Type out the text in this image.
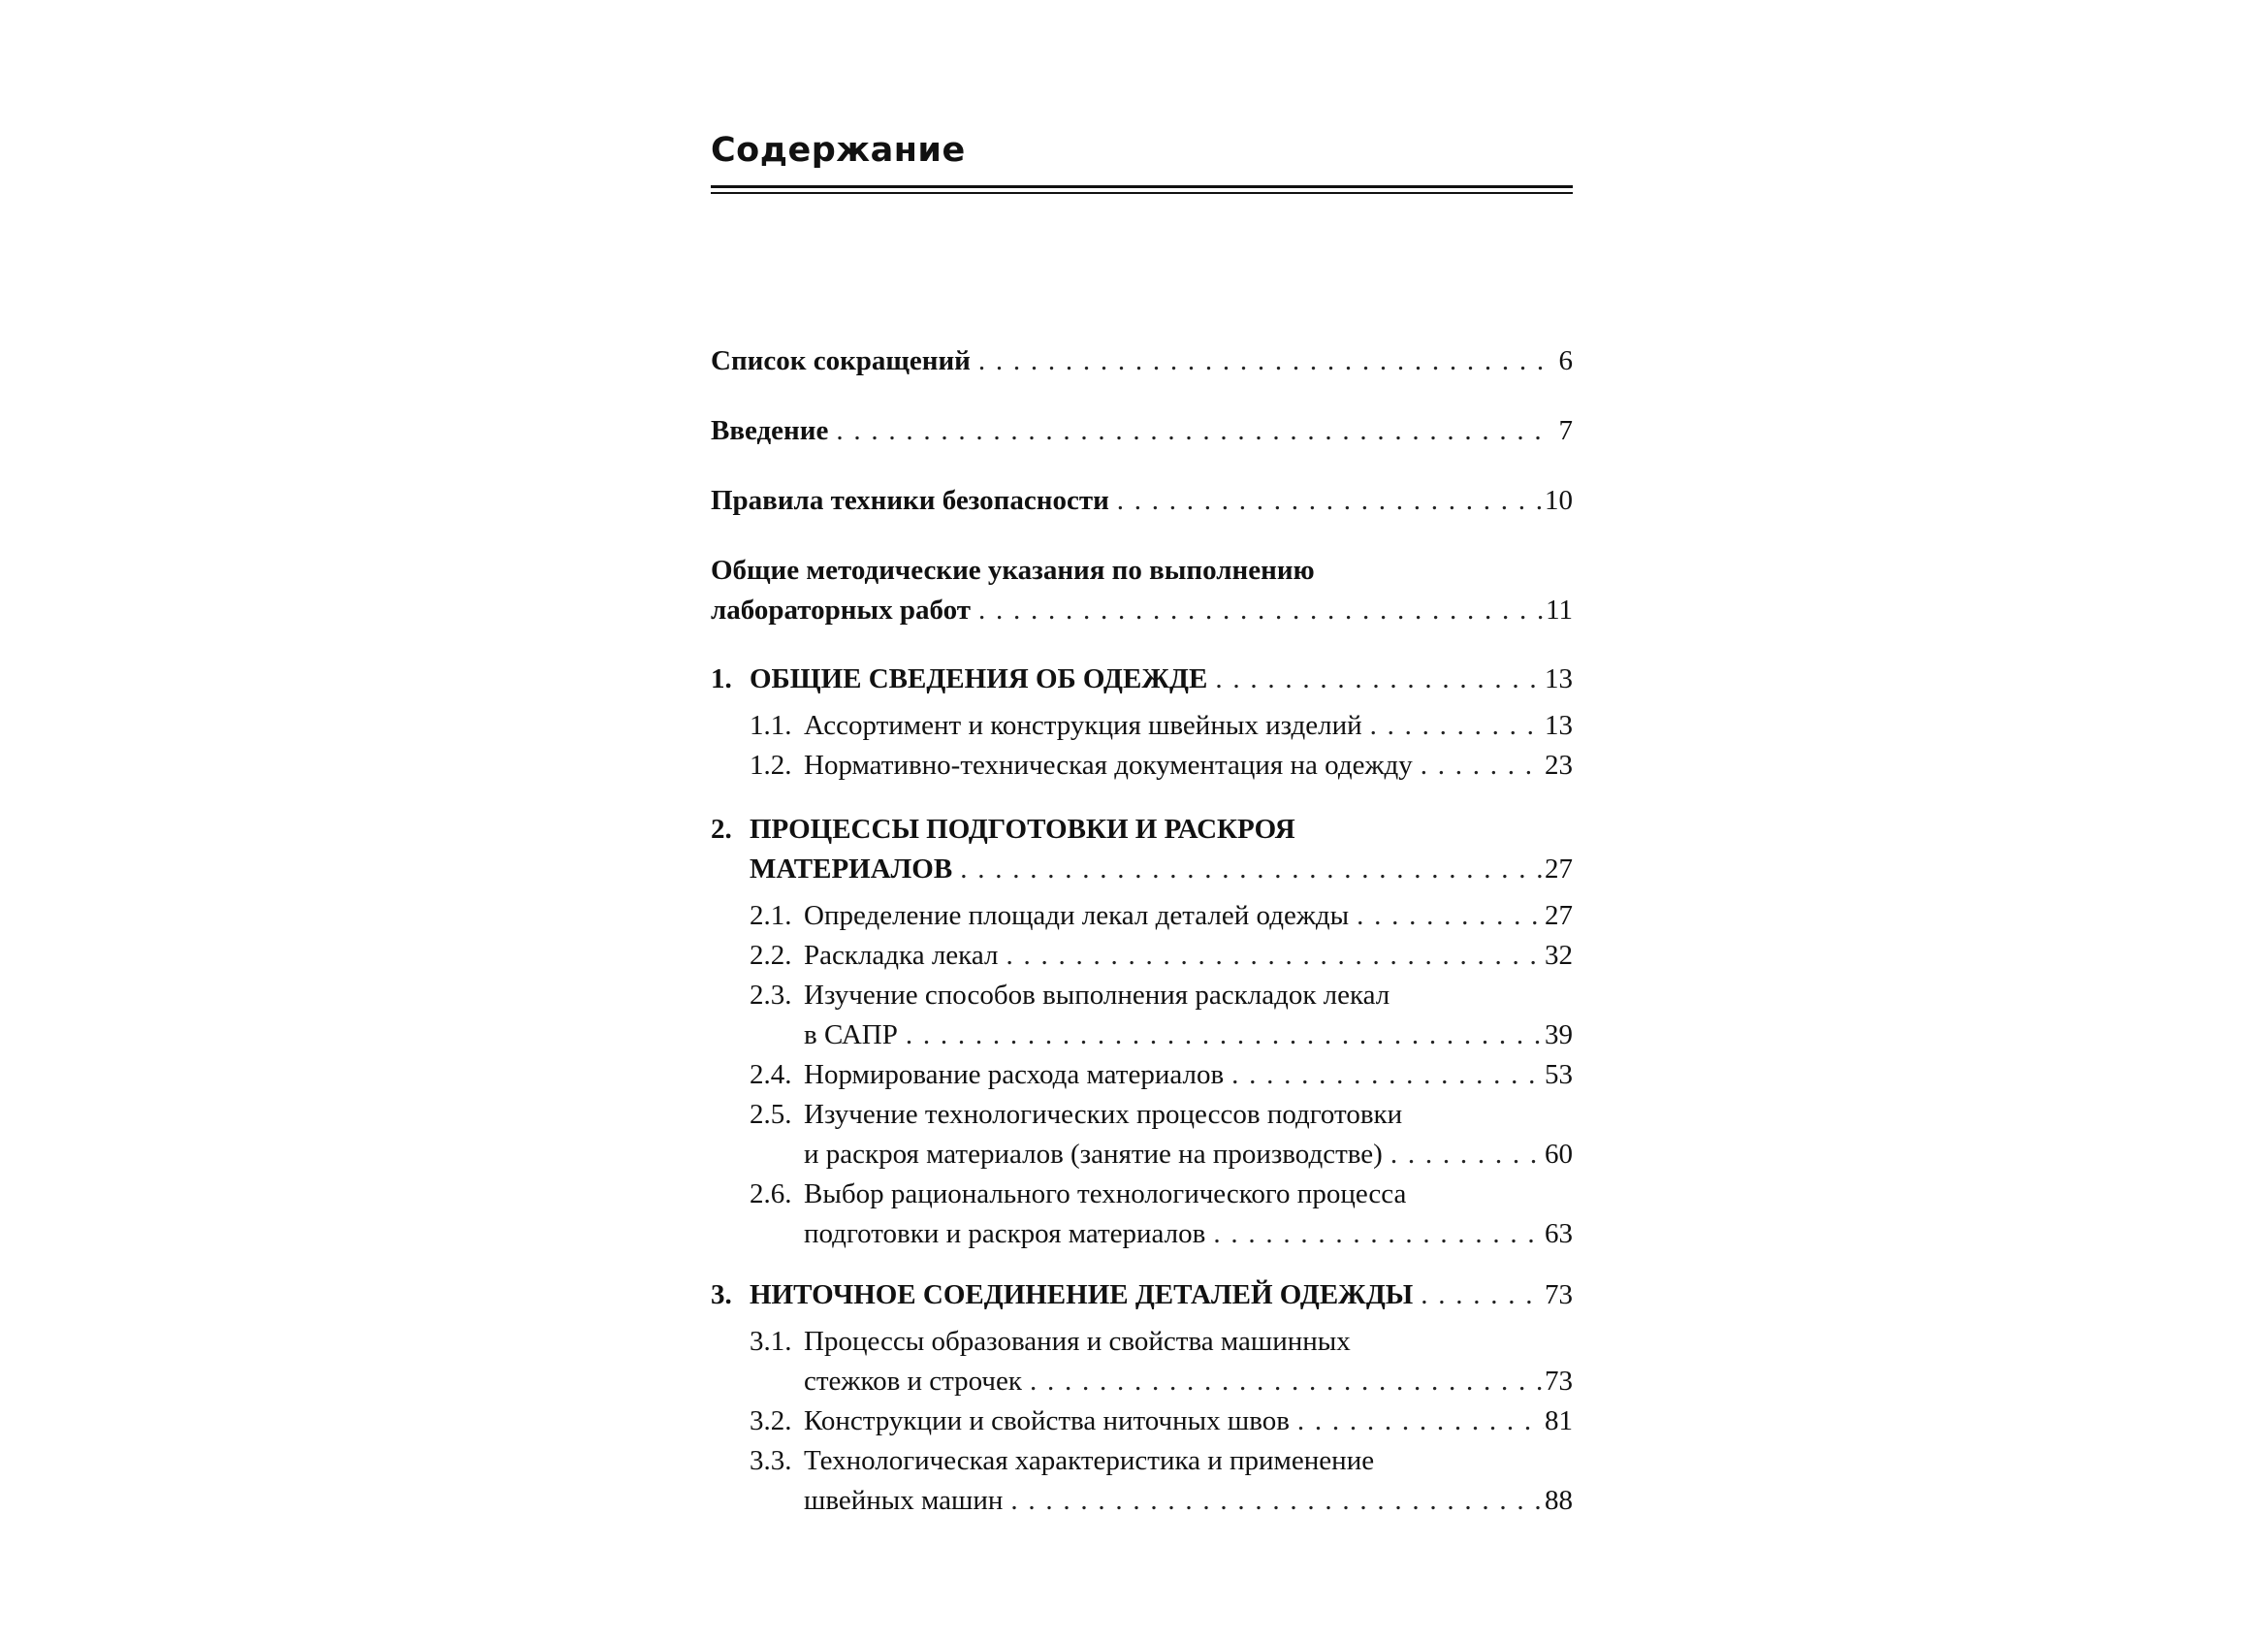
Содержание
Список сокращений . . .	6
Введение . . .	7
Правила техники безопасности . . .	10
Общие методические указания по выполнению
лабораторных работ . . .	11
1. ОБЩИЕ СВЕДЕНИЯ ОБ ОДЕЖДЕ . . .	13
1.1. Ассортимент и конструкция швейных изделий . . .	13
1.2. Нормативно-техническая документация на одежду . . .	23
2. ПРОЦЕССЫ ПОДГОТОВКИ И РАСКРОЯ
МАТЕРИАЛОВ . . .	27
2.1. Определение площади лекал деталей одежды . . .	27
2.2. Раскладка лекал . . .	32
2.3. Изучение способов выполнения раскладок лекал
в САПР . . .	39
2.4. Нормирование расхода материалов . . .	53
2.5. Изучение технологических процессов подготовки
и раскроя материалов (занятие на производстве) . . .	60
2.6. Выбор рационального технологического процесса
подготовки и раскроя материалов . . .	63
3. НИТОЧНОЕ СОЕДИНЕНИЕ ДЕТАЛЕЙ ОДЕЖДЫ . . .	73
3.1. Процессы образования и свойства машинных
стежков и строчек . . .	73
3.2. Конструкции и свойства ниточных швов . . .	81
3.3. Технологическая характеристика и применение
швейных машин . . .	88
